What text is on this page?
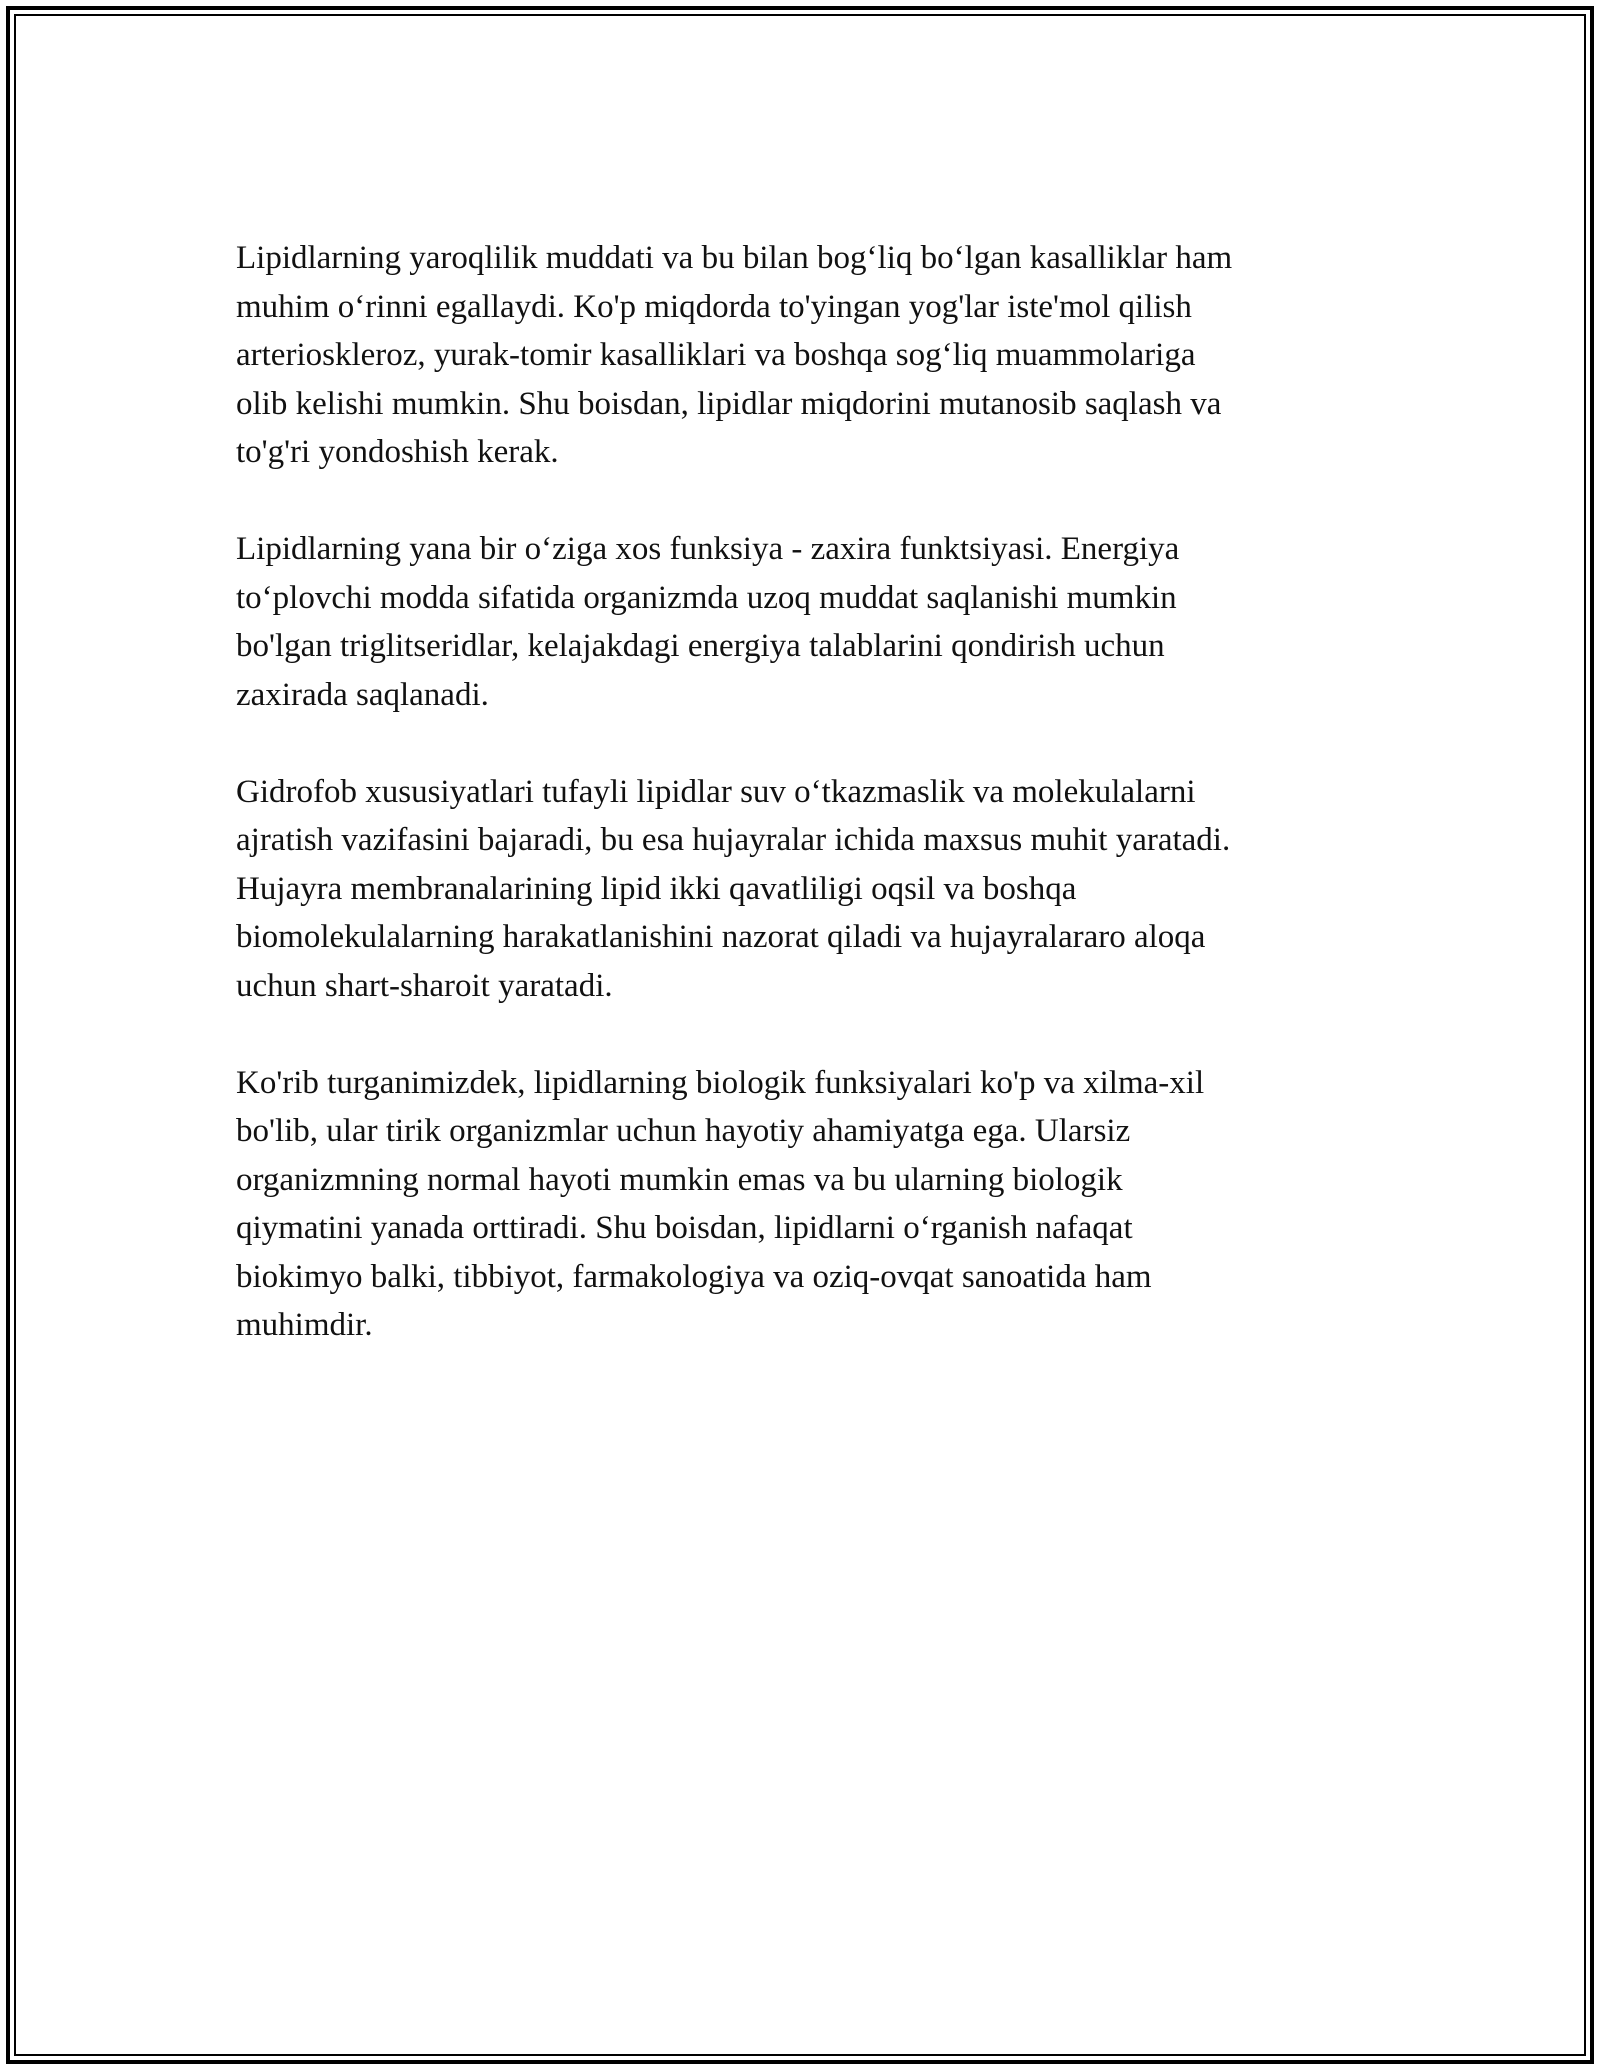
Lipidlarning yaroqlilik muddati va bu bilan bog‘liq bo‘lgan kasalliklar ham
muhim o‘rinni egallaydi. Ko'p miqdorda to'yingan yog'lar iste'mol qilish
arterioskleroz, yurak-tomir kasalliklari va boshqa sog‘liq muammolariga
olib kelishi mumkin. Shu boisdan, lipidlar miqdorini mutanosib saqlash va
to'g'ri yondoshish kerak.

Lipidlarning yana bir o‘ziga xos funksiya - zaxira funktsiyasi. Energiya
to‘plovchi modda sifatida organizmda uzoq muddat saqlanishi mumkin
bo'lgan triglitseridlar, kelajakdagi energiya talablarini qondirish uchun
zaxirada saqlanadi.

Gidrofob xususiyatlari tufayli lipidlar suv o‘tkazmaslik va molekulalarni
ajratish vazifasini bajaradi, bu esa hujayralar ichida maxsus muhit yaratadi.
Hujayra membranalarining lipid ikki qavatliligi oqsil va boshqa
biomolekulalarning harakatlanishini nazorat qiladi va hujayralararo aloqa
uchun shart-sharoit yaratadi.

Ko'rib turganimizdek, lipidlarning biologik funksiyalari ko'p va xilma-xil
bo'lib, ular tirik organizmlar uchun hayotiy ahamiyatga ega. Ularsiz
organizmning normal hayoti mumkin emas va bu ularning biologik
qiymatini yanada orttiradi. Shu boisdan, lipidlarni o‘rganish nafaqat
biokimyo balki, tibbiyot, farmakologiya va oziq-ovqat sanoatida ham
muhimdir.
